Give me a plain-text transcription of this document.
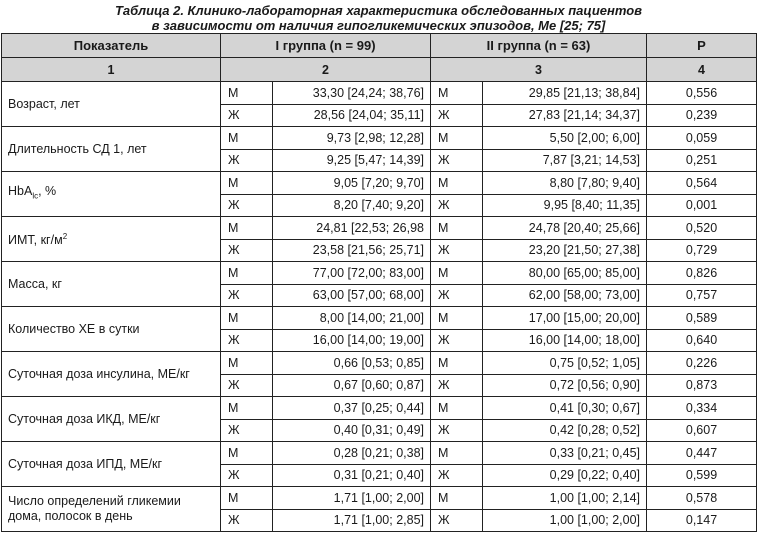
Таблица 2. Клинико-лабораторная характеристика обследованных пациентов
в зависимости от наличия гипогликемических эпизодов, Me [25; 75]
Показатель	I группа (n = 99)		II группа (n = 63)		P
1	2		3		4
Возраст, лет	М	33,30 [24,24; 38,76]	М	29,85 [21,13; 38,84]	0,556
	Ж	28,56 [24,04; 35,11]	Ж	27,83 [21,14; 34,37]	0,239
Длительность СД 1, лет	М	9,73 [2,98; 12,28]	М	5,50 [2,00; 6,00]	0,059
	Ж	9,25 [5,47; 14,39]	Ж	7,87 [3,21; 14,53]	0,251
HbA$_{lc}$, %	М	9,05 [7,20; 9,70]	М	8,80 [7,80; 9,40]	0,564
	Ж	8,20 [7,40; 9,20]	Ж	9,95 [8,40; 11,35]	0,001
ИМТ, $кг/м^2$	М	24,81 [22,53; 26,98	М	24,78 [20,40; 25,66]	0,520
	Ж	23,58 [21,56; 25,71]	Ж	23,20 [21,50; 27,38]	0,729
Масса, кг	М	77,00 [72,00; 83,00]	М	80,00 [65,00; 85,00]	0,826
	Ж	63,00 [57,00; 68,00]	Ж	62,00 [58,00; 73,00]	0,757
Количество ХЕ в сутки	М	8,00 [14,00; 21,00]	М	17,00 [15,00; 20,00]	0,589
	Ж	16,00 [14,00; 19,00]	Ж	16,00 [14,00; 18,00]	0,640
Суточная доза инсулина, МЕ/кг	М	0,66 [0,53; 0,85]	М	0,75 [0,52; 1,05]	0,226
	Ж	0,67 [0,60; 0,87]	Ж	0,72 [0,56; 0,90]	0,873
Суточная доза ИКД, МЕ/кг	М	0,37 [0,25; 0,44]	М	0,41 [0,30; 0,67]	0,334
	Ж	0,40 [0,31; 0,49]	Ж	0,42 [0,28; 0,52]	0,607
Суточная доза ИПД, МЕ/кг	М	0,28 [0,21; 0,38]	М	0,33 [0,21; 0,45]	0,447
	Ж	0,31 [0,21; 0,40]	Ж	0,29 [0,22; 0,40]	0,599
Число определений гликемии дома, полосок в день	М	1,71 [1,00; 2,00]	М	1,00 [1,00; 2,14]	0,578
	Ж	1,71 [1,00; 2,85]	Ж	1,00 [1,00; 2,00]	0,147
